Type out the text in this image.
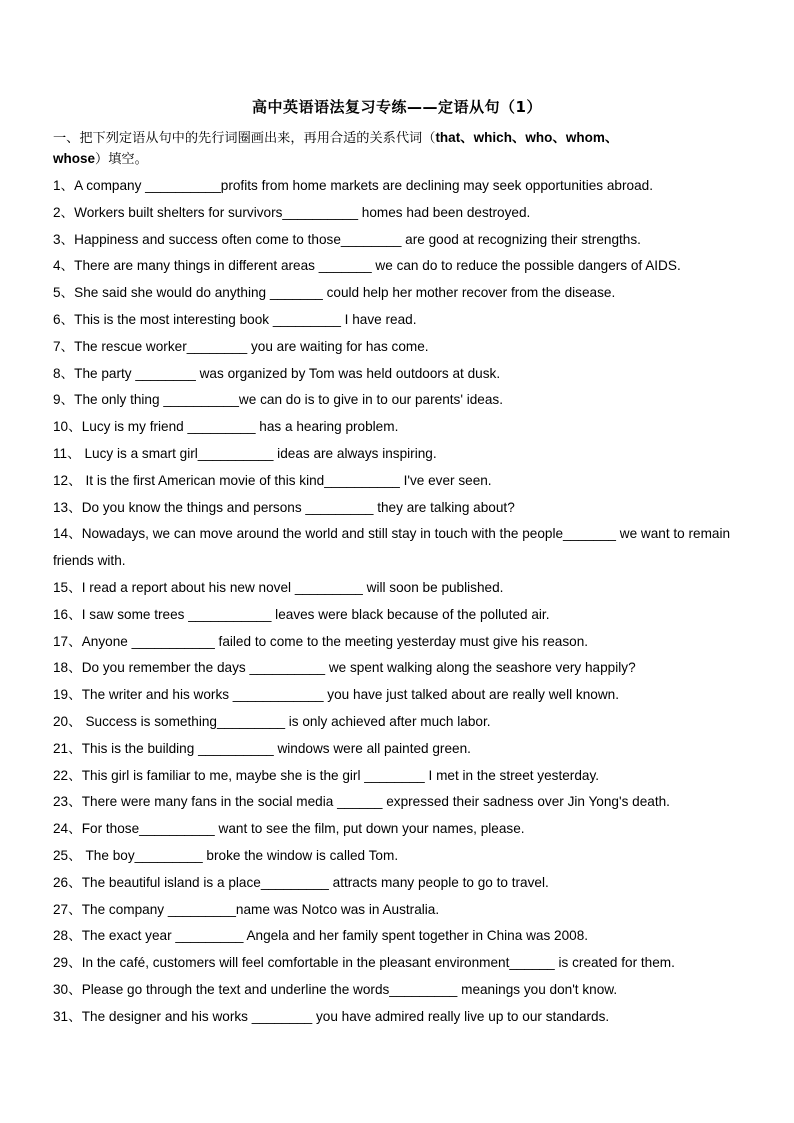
高中英语语法复习专练——定语从句（1）
一、把下列定语从句中的先行词圈画出来，再用合适的关系代词（that、which、who、whom、
whose）填空。
1、A company __________profits from home markets are declining may seek opportunities abroad.
2、Workers built shelters for survivors__________ homes had been destroyed.
3、Happiness and success often come to those________ are good at recognizing their strengths.
4、There are many things in different areas _______ we can do to reduce the possible dangers of AIDS.
5、She said she would do anything _______ could help her mother recover from the disease.
6、This is the most interesting book _________ I have read.
7、The rescue worker________ you are waiting for has come.
8、The party ________ was organized by Tom was held outdoors at dusk.
9、The only thing __________we can do is to give in to our parents' ideas.
10、Lucy is my friend _________ has a hearing problem.
11、 Lucy is a smart girl__________ ideas are always inspiring.
12、 It is the first American movie of this kind__________ I've ever seen.
13、Do you know the things and persons _________ they are talking about?
14、Nowadays, we can move around the world and still stay in touch with the people_______ we want to remain friends with.
15、I read a report about his new novel _________ will soon be published.
16、I saw some trees ___________ leaves were black because of the polluted air.
17、Anyone ___________ failed to come to the meeting yesterday must give his reason.
18、Do you remember the days __________ we spent walking along the seashore very happily?
19、The writer and his works ____________ you have just talked about are really well known.
20、 Success is something_________ is only achieved after much labor.
21、This is the building __________ windows were all painted green.
22、This girl is familiar to me, maybe she is the girl ________ I met in the street yesterday.
23、There were many fans in the social media ______ expressed their sadness over Jin Yong's death.
24、For those__________ want to see the film, put down your names, please.
25、 The boy_________ broke the window is called Tom.
26、The beautiful island is a place_________ attracts many people to go to travel.
27、The company _________name was Notco was in Australia.
28、The exact year _________ Angela and her family spent together in China was 2008.
29、In the café, customers will feel comfortable in the pleasant environment______ is created for them.
30、Please go through the text and underline the words_________ meanings you don't know.
31、The designer and his works ________ you have admired really live up to our standards.
